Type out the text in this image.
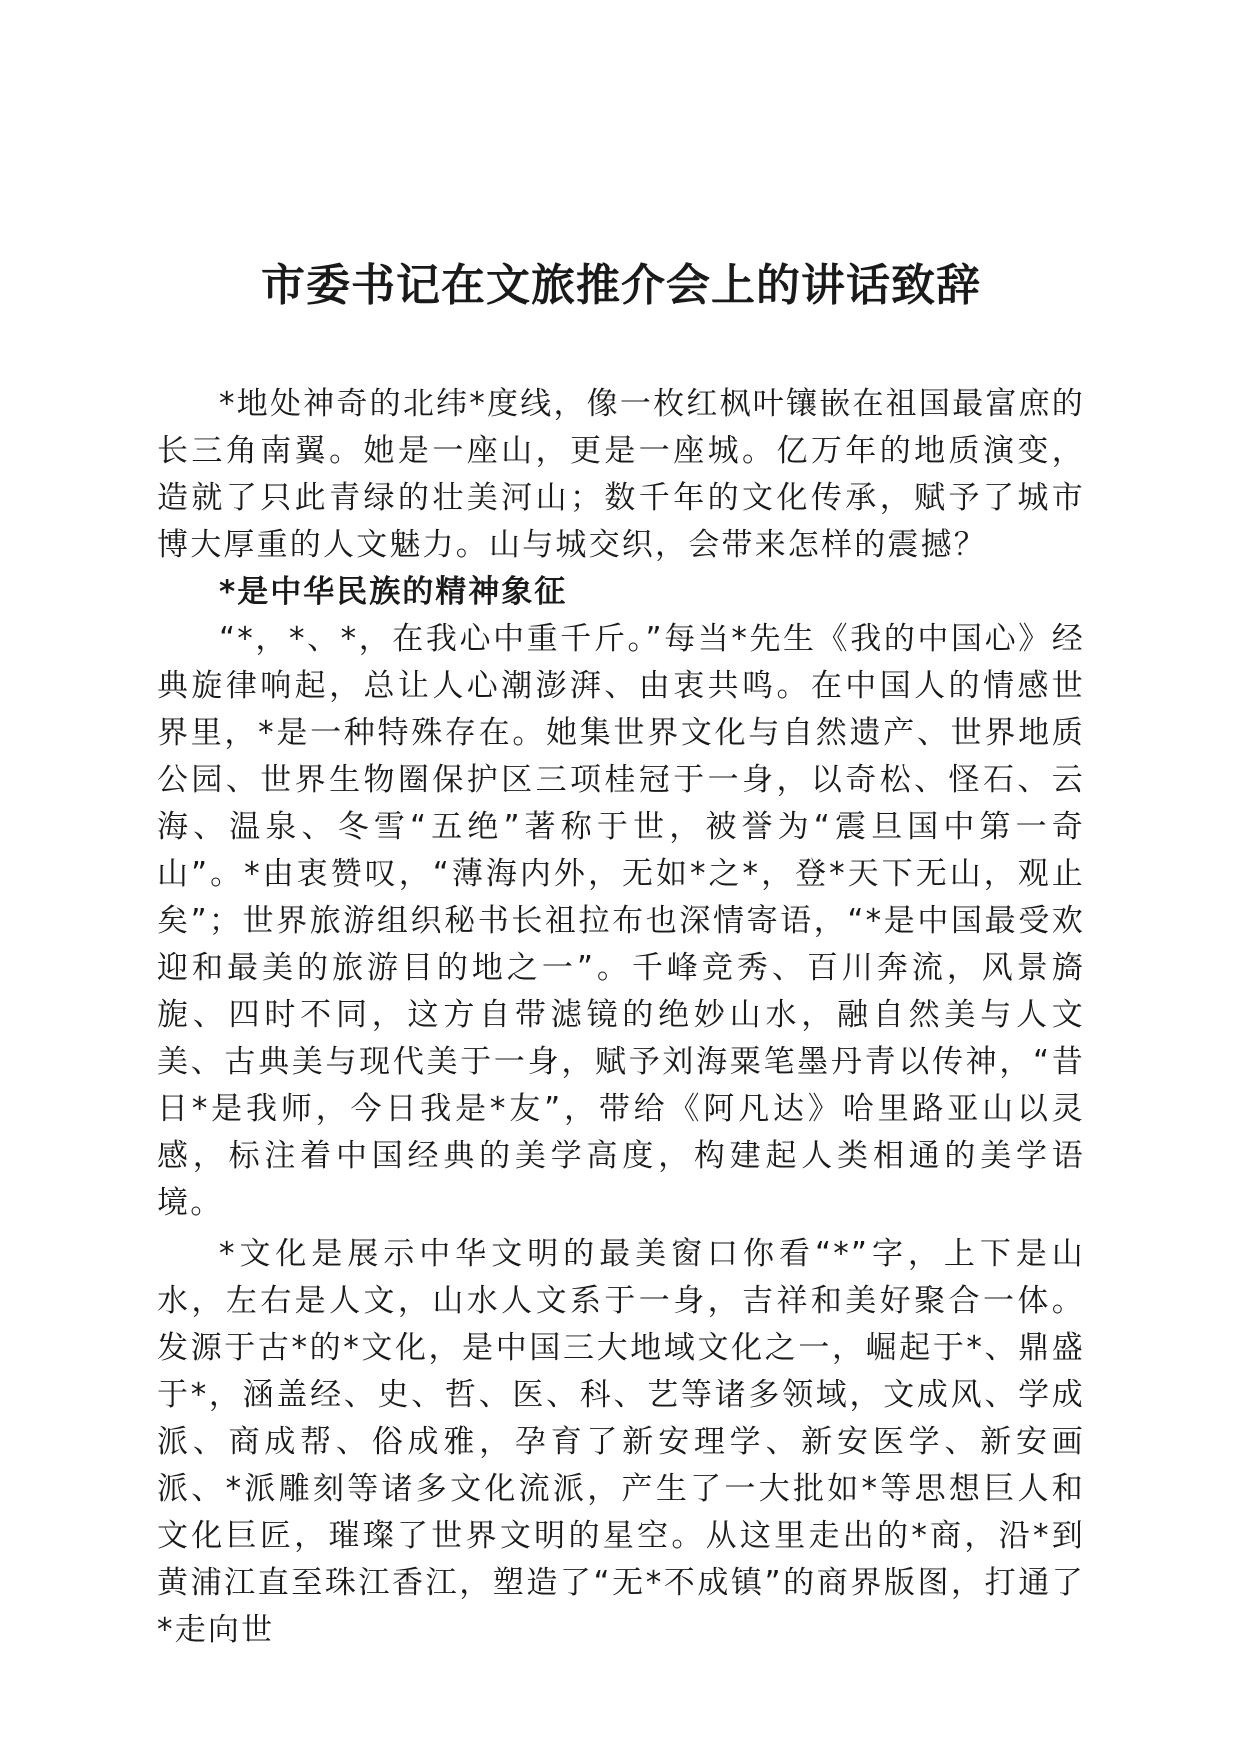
市委书记在文旅推介会上的讲话致辞

*地处神奇的北纬*度线，像一枚红枫叶镶嵌在祖国最富庶的长三角南翼。她是一座山，更是一座城。亿万年的地质演变，造就了只此青绿的壮美河山；数千年的文化传承，赋予了城市博大厚重的人文魅力。山与城交织，会带来怎样的震撼？

*是中华民族的精神象征

“*，*、*，在我心中重千斤。”每当*先生《我的中国心》经典旋律响起，总让人心潮澎湃、由衷共鸣。在中国人的情感世界里，*是一种特殊存在。她集世界文化与自然遗产、世界地质公园、世界生物圈保护区三项桂冠于一身，以奇松、怪石、云海、温泉、冬雪“五绝”著称于世，被誉为“震旦国中第一奇山”。*由衷赞叹，“薄海内外，无如*之*，登*天下无山，观止矣”；世界旅游组织秘书长祖拉布也深情寄语，“*是中国最受欢迎和最美的旅游目的地之一”。千峰竞秀、百川奔流，风景旖旎、四时不同，这方自带滤镜的绝妙山水，融自然美与人文美、古典美与现代美于一身，赋予刘海粟笔墨丹青以传神，“昔日*是我师，今日我是*友”，带给《阿凡达》哈里路亚山以灵感，标注着中国经典的美学高度，构建起人类相通的美学语境。

*文化是展示中华文明的最美窗口你看“*”字，上下是山水，左右是人文，山水人文系于一身，吉祥和美好聚合一体。发源于古*的*文化，是中国三大地域文化之一，崛起于*、鼎盛于*，涵盖经、史、哲、医、科、艺等诸多领域，文成风、学成派、商成帮、俗成雅，孕育了新安理学、新安医学、新安画派、*派雕刻等诸多文化流派，产生了一大批如*等思想巨人和文化巨匠，璀璨了世界文明的星空。从这里走出的*商，沿*到黄浦江直至珠江香江，塑造了“无*不成镇”的商界版图，打通了*走向世
